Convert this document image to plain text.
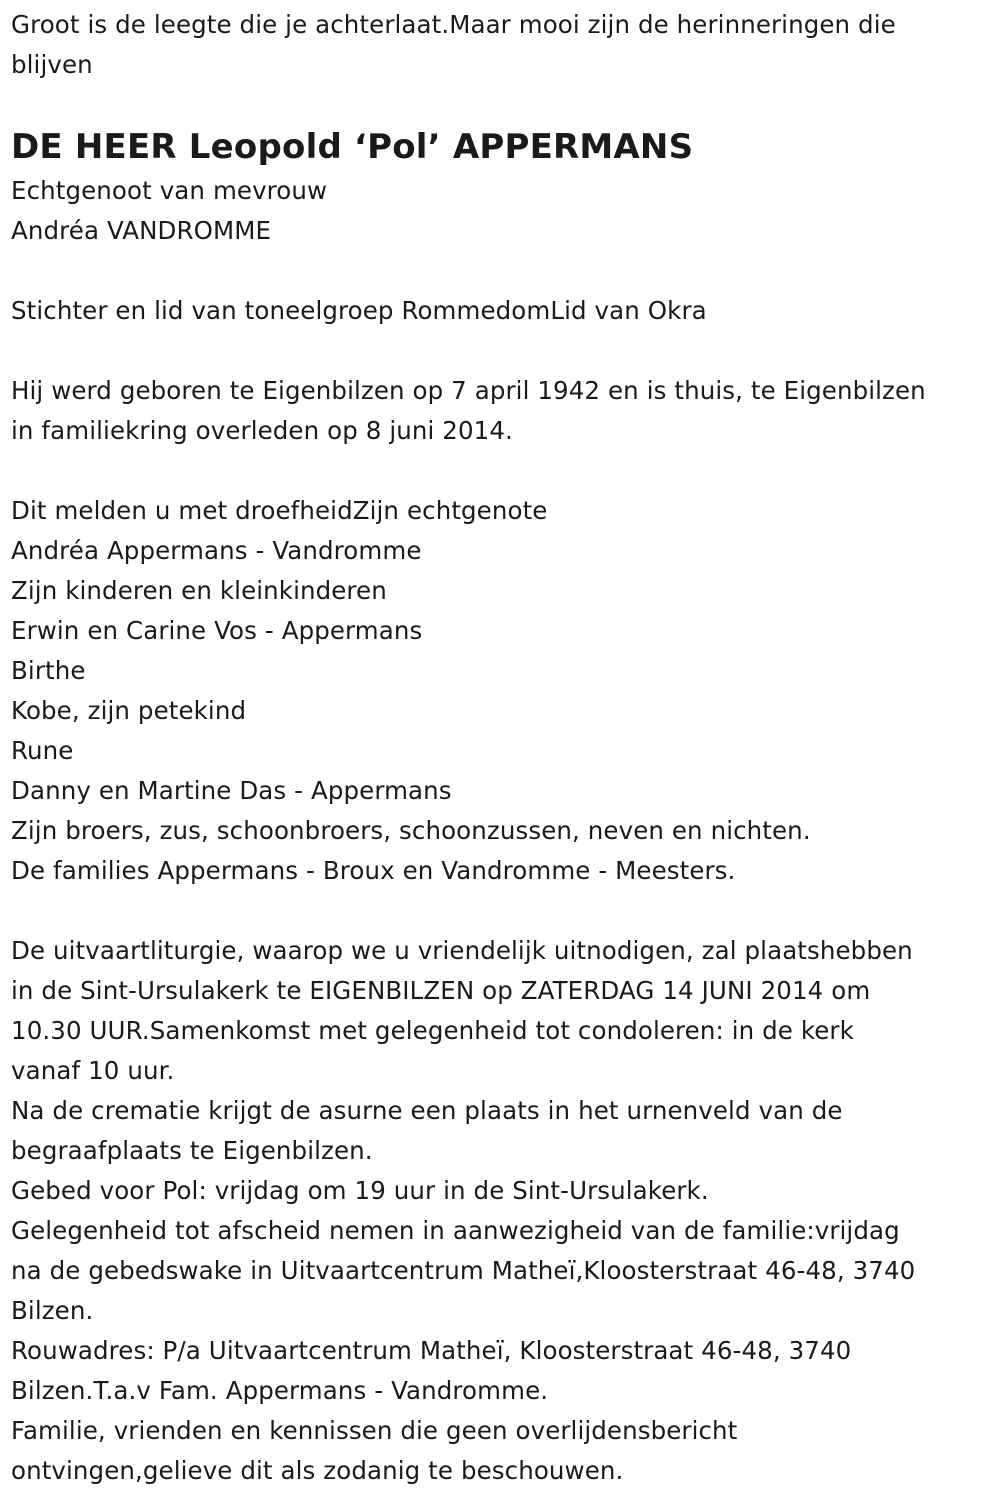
Groot is de leegte die je achterlaat.Maar mooi zijn de herinneringen die
blijven
DE HEER Leopold ‘Pol’ APPERMANS
Echtgenoot van mevrouw
Andréa VANDROMME
Stichter en lid van toneelgroep RommedomLid van Okra
Hij werd geboren te Eigenbilzen op 7 april 1942 en is thuis, te Eigenbilzen
in familiekring overleden op 8 juni 2014.
Dit melden u met droefheidZijn echtgenote
Andréa Appermans - Vandromme
Zijn kinderen en kleinkinderen
Erwin en Carine Vos - Appermans
Birthe
Kobe, zijn petekind
Rune
Danny en Martine Das - Appermans
Zijn broers, zus, schoonbroers, schoonzussen, neven en nichten.
De families Appermans - Broux en Vandromme - Meesters.
De uitvaartliturgie, waarop we u vriendelijk uitnodigen, zal plaatshebben
in de Sint-Ursulakerk te EIGENBILZEN op ZATERDAG 14 JUNI 2014 om
10.30 UUR.Samenkomst met gelegenheid tot condoleren: in de kerk
vanaf 10 uur.
Na de crematie krijgt de asurne een plaats in het urnenveld van de
begraafplaats te Eigenbilzen.
Gebed voor Pol: vrijdag om 19 uur in de Sint-Ursulakerk.
Gelegenheid tot afscheid nemen in aanwezigheid van de familie:vrijdag
na de gebedswake in Uitvaartcentrum Matheï,Kloosterstraat 46-48, 3740
Bilzen.
Rouwadres: P/a Uitvaartcentrum Matheï, Kloosterstraat 46-48, 3740
Bilzen.T.a.v Fam. Appermans - Vandromme.
Familie, vrienden en kennissen die geen overlijdensbericht
ontvingen,gelieve dit als zodanig te beschouwen.
